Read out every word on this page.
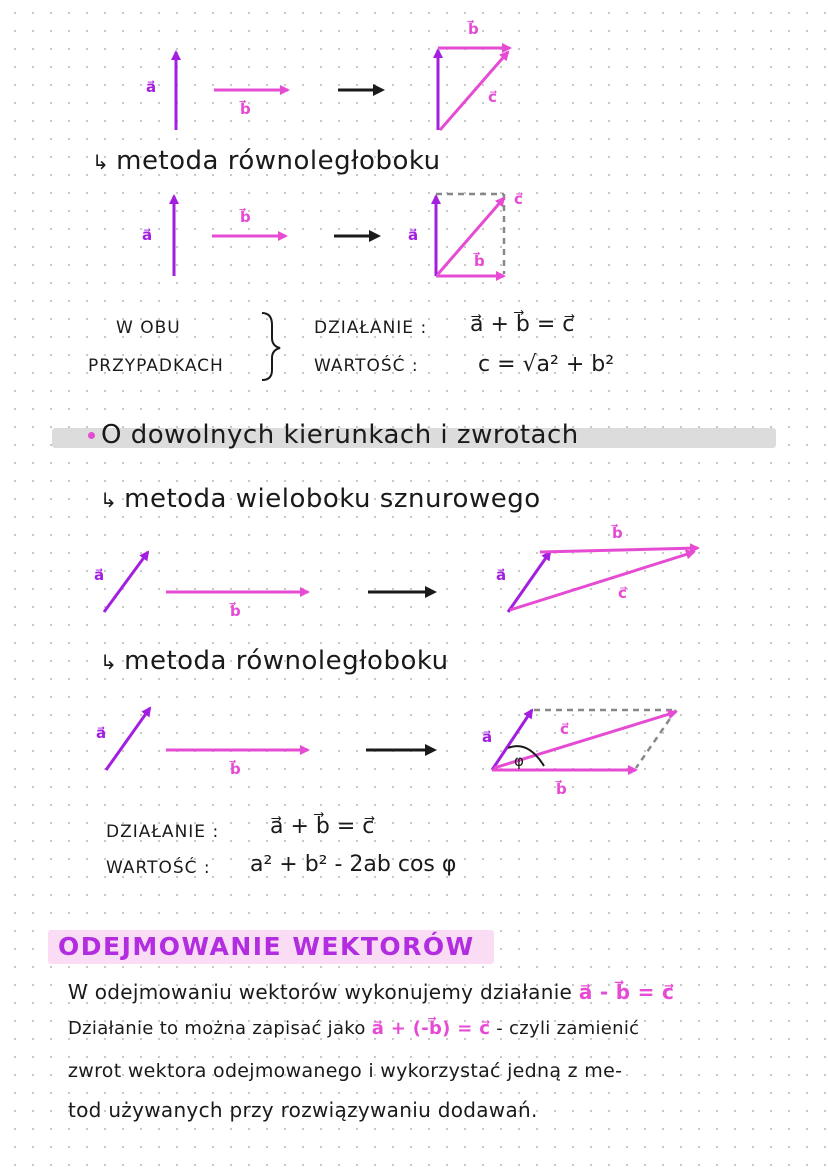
a⃗
b⃗
b⃗
c⃗
↳ metoda równoległoboku
a⃗
b⃗
a⃗
b⃗
c⃗
W OBU
PRZYPADKACH
DZIAŁANIE : a⃗ + b⃗ = c⃗
WARTOŚĆ :	c = √a² + b²
O dowolnych kierunkach i zwrotach
↳ metoda wieloboku sznurowego
a⃗
b⃗
a⃗
b⃗
c⃗
↳ metoda równoległoboku
a⃗
b⃗
a⃗
b⃗
c⃗
φ
DZIAŁANIE : a⃗ + b⃗ = c⃗
WARTOŚĆ : a² + b² - 2ab cos φ
ODEJMOWANIE WEKTORÓW
W odejmowaniu wektorów wykonujemy działanie a⃗ - b⃗ = c⃗
Działanie to można zapisać jako a⃗ + (-b⃗) = c⃗ - czyli zamienić
zwrot wektora odejmowanego i wykorzystać jedną z me-
tod używanych przy rozwiązywaniu dodawań.
